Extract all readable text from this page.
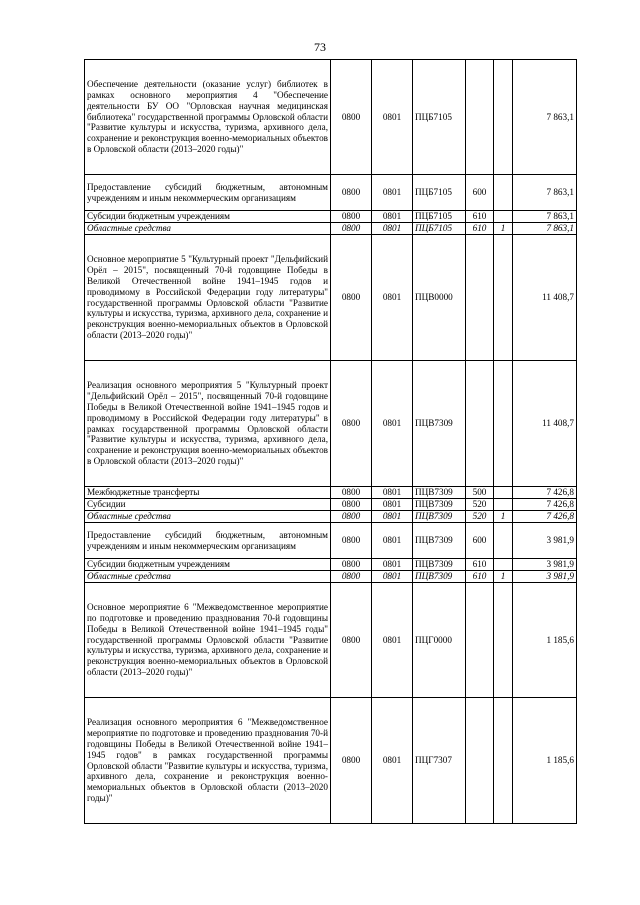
73
Обеспечение деятельности (оказание услуг) библиотек в рамках основного мероприятия 4 "Обеспечение деятельности БУ ОО "Орловская научная медицинская библиотека" государственной программы Орловской области "Развитие культуры и искусства, туризма, архивного дела, сохранение и реконструкция военно-мемориальных объектов в Орловской области (2013–2020 годы)"	0800	0801	ПЦБ7105			7 863,1
Предоставление субсидий бюджетным, автономным учреждениям и иным некоммерческим организациям	0800	0801	ПЦБ7105	600		7 863,1
Субсидии бюджетным учреждениям	0800	0801	ПЦБ7105	610		7 863,1
Областные средства	0800	0801	ПЦБ7105	610	1	7 863,1
Основное мероприятие 5 "Культурный проект "Дельфийский Орёл – 2015", посвященный 70-й годовщине Победы в Великой Отечественной войне 1941–1945 годов и проводимому в Российской Федерации году литературы" государственной программы Орловской области "Развитие культуры и искусства, туризма, архивного дела, сохранение и реконструкция военно-мемориальных объектов в Орловской области (2013–2020 годы)"	0800	0801	ПЦВ0000			11 408,7
Реализация основного мероприятия 5 "Культурный проект "Дельфийский Орёл – 2015", посвященный 70-й годовщине Победы в Великой Отечественной войне 1941–1945 годов и проводимому в Российской Федерации году литературы" в рамках государственной программы Орловской области "Развитие культуры и искусства, туризма, архивного дела, сохранение и реконструкция военно-мемориальных объектов в Орловской области (2013–2020 годы)"	0800	0801	ПЦВ7309			11 408,7
Межбюджетные трансферты	0800	0801	ПЦВ7309	500		7 426,8
Субсидии	0800	0801	ПЦВ7309	520		7 426,8
Областные средства	0800	0801	ПЦВ7309	520	1	7 426,8
Предоставление субсидий бюджетным, автономным учреждениям и иным некоммерческим организациям	0800	0801	ПЦВ7309	600		3 981,9
Субсидии бюджетным учреждениям	0800	0801	ПЦВ7309	610		3 981,9
Областные средства	0800	0801	ПЦВ7309	610	1	3 981,9
Основное мероприятие 6 "Межведомственное мероприятие по подготовке и проведению празднования 70-й годовщины Победы в Великой Отечественной войне 1941–1945 годы" государственной программы Орловской области "Развитие культуры и искусства, туризма, архивного дела, сохранение и реконструкция военно-мемориальных объектов в Орловской области (2013–2020 годы)"	0800	0801	ПЦГ0000			1 185,6
Реализация основного мероприятия 6 "Межведомственное мероприятие по подготовке и проведению празднования 70-й годовщины Победы в Великой Отечественной войне 1941–1945 годов" в рамках государственной программы Орловской области "Развитие культуры и искусства, туризма, архивного дела, сохранение и реконструкция военно-мемориальных объектов в Орловской области (2013–2020 годы)"	0800	0801	ПЦГ7307			1 185,6
